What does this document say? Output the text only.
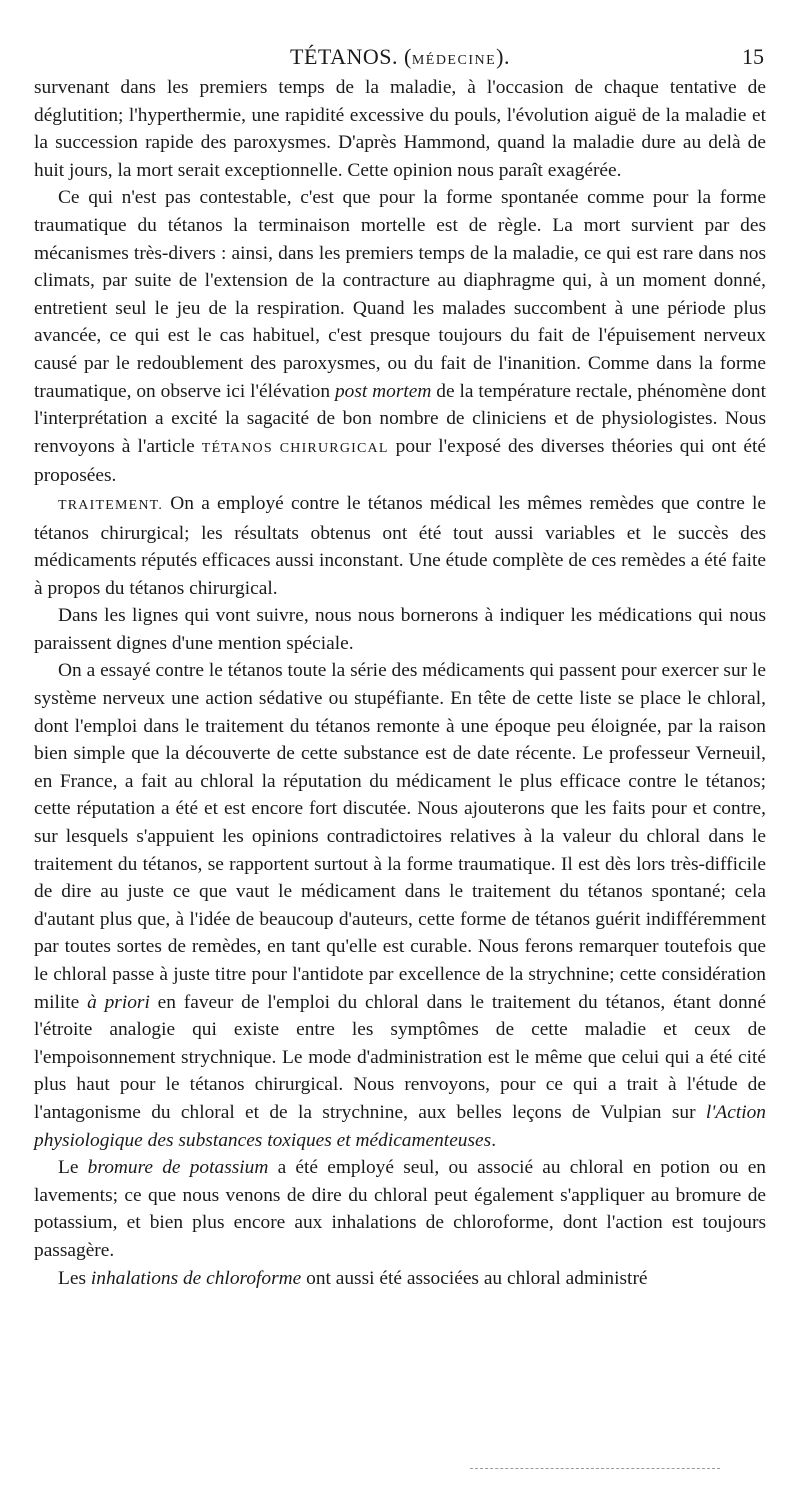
TÉTANOS. (MÉDECINE).	15

survenant dans les premiers temps de la maladie, à l'occasion de chaque tentative de déglutition; l'hyperthermie, une rapidité excessive du pouls, l'évolution aiguë de la maladie et la succession rapide des paroxysmes. D'après Hammond, quand la maladie dure au delà de huit jours, la mort serait exceptionnelle. Cette opinion nous paraît exagérée.

Ce qui n'est pas contestable, c'est que pour la forme spontanée comme pour la forme traumatique du tétanos la terminaison mortelle est de règle. La mort survient par des mécanismes très-divers : ainsi, dans les premiers temps de la maladie, ce qui est rare dans nos climats, par suite de l'extension de la contracture au diaphragme qui, à un moment donné, entretient seul le jeu de la respiration. Quand les malades succombent à une période plus avancée, ce qui est le cas habituel, c'est presque toujours du fait de l'épuisement nerveux causé par le redoublement des paroxysmes, ou du fait de l'inanition. Comme dans la forme traumatique, on observe ici l'élévation post mortem de la température rectale, phénomène dont l'interprétation a excité la sagacité de bon nombre de cliniciens et de physiologistes. Nous renvoyons à l'article TÉTANOS CHIRURGICAL pour l'exposé des diverses théories qui ont été proposées.

TRAITEMENT. On a employé contre le tétanos médical les mêmes remèdes que contre le tétanos chirurgical; les résultats obtenus ont été tout aussi variables et le succès des médicaments réputés efficaces aussi inconstant. Une étude complète de ces remèdes a été faite à propos du tétanos chirurgical.

Dans les lignes qui vont suivre, nous nous bornerons à indiquer les médications qui nous paraissent dignes d'une mention spéciale.

On a essayé contre le tétanos toute la série des médicaments qui passent pour exercer sur le système nerveux une action sédative ou stupéfiante. En tête de cette liste se place le chloral, dont l'emploi dans le traitement du tétanos remonte à une époque peu éloignée, par la raison bien simple que la découverte de cette substance est de date récente. Le professeur Verneuil, en France, a fait au chloral la réputation du médicament le plus efficace contre le tétanos; cette réputation a été et est encore fort discutée. Nous ajouterons que les faits pour et contre, sur lesquels s'appuient les opinions contradictoires relatives à la valeur du chloral dans le traitement du tétanos, se rapportent surtout à la forme traumatique. Il est dès lors très-difficile de dire au juste ce que vaut le médicament dans le traitement du tétanos spontané; cela d'autant plus que, à l'idée de beaucoup d'auteurs, cette forme de tétanos guérit indifféremment par toutes sortes de remèdes, en tant qu'elle est curable. Nous ferons remarquer toutefois que le chloral passe à juste titre pour l'antidote par excellence de la strychnine; cette considération milite à priori en faveur de l'emploi du chloral dans le traitement du tétanos, étant donné l'étroite analogie qui existe entre les symptômes de cette maladie et ceux de l'empoisonnement strychnique. Le mode d'administration est le même que celui qui a été cité plus haut pour le tétanos chirurgical. Nous renvoyons, pour ce qui a trait à l'étude de l'antagonisme du chloral et de la strychnine, aux belles leçons de Vulpian sur l'Action physiologique des substances toxiques et médicamenteuses.

Le bromure de potassium a été employé seul, ou associé au chloral en potion ou en lavements; ce que nous venons de dire du chloral peut également s'appliquer au bromure de potassium, et bien plus encore aux inhalations de chloroforme, dont l'action est toujours passagère.

Les inhalations de chloroforme ont aussi été associées au chloral administré
